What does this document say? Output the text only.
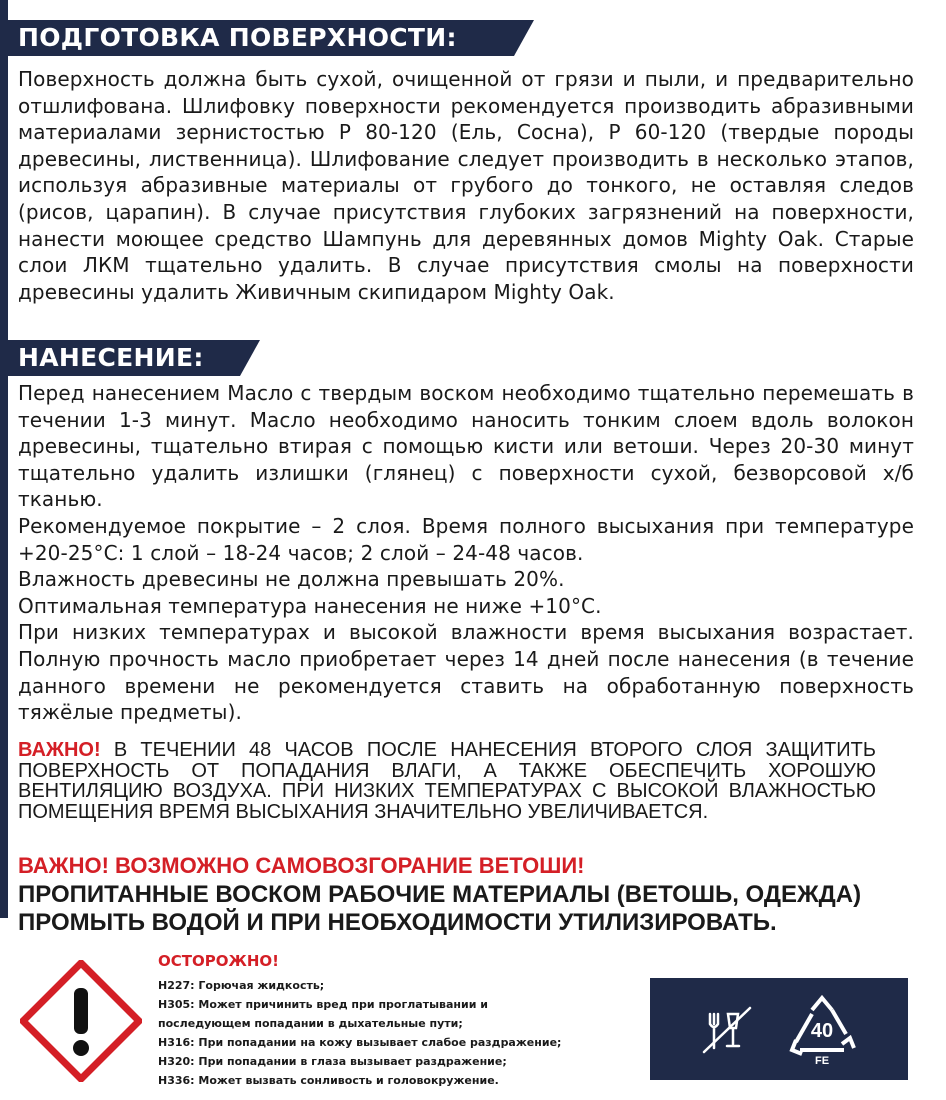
ПОДГОТОВКА ПОВЕРХНОСТИ:

Поверхность должна быть сухой, очищенной от грязи и пыли, и предварительно отшлифована. Шлифовку поверхности рекомендуется производить абразивными материалами зернистостью Р 80-120 (Ель, Сосна), Р 60-120 (твердые породы древесины, лиственница). Шлифование следует производить в несколько этапов, используя абразивные материалы от грубого до тонкого, не оставляя следов (рисов, царапин). В случае присутствия глубоких загрязнений на поверхности, нанести моющее средство Шампунь для деревянных домов Mighty Oak. Старые слои ЛКМ тщательно удалить. В случае присутствия смолы на поверхности древесины удалить Живичным скипидаром Mighty Oak.

НАНЕСЕНИЕ:

Перед нанесением Масло с твердым воском необходимо тщательно перемешать в течении 1-3 минут. Масло необходимо наносить тонким слоем вдоль волокон древесины, тщательно втирая с помощью кисти или ветоши. Через 20-30 минут тщательно удалить излишки (глянец) с поверхности сухой, безворсовой х/б тканью.

Рекомендуемое покрытие – 2 слоя. Время полного высыхания при температуре +20-25°С: 1 слой – 18-24 часов; 2 слой – 24-48 часов.

Влажность древесины не должна превышать 20%.

Оптимальная температура нанесения не ниже +10°С.

При низких температурах и высокой влажности время высыхания возрастает. Полную прочность масло приобретает через 14 дней после нанесения (в течение данного времени не рекомендуется ставить на обработанную поверхность тяжёлые предметы).

ВАЖНО! В ТЕЧЕНИИ 48 ЧАСОВ ПОСЛЕ НАНЕСЕНИЯ ВТОРОГО СЛОЯ ЗАЩИТИТЬ ПОВЕРХНОСТЬ ОТ ПОПАДАНИЯ ВЛАГИ, А ТАКЖЕ ОБЕСПЕЧИТЬ ХОРОШУЮ ВЕНТИЛЯЦИЮ ВОЗДУХА. ПРИ НИЗКИХ ТЕМПЕРАТУРАХ С ВЫСОКОЙ ВЛАЖНОСТЬЮ ПОМЕЩЕНИЯ ВРЕМЯ ВЫСЫХАНИЯ ЗНАЧИТЕЛЬНО УВЕЛИЧИВАЕТСЯ.
ВАЖНО! ВОЗМОЖНО САМОВОЗГОРАНИЕ ВЕТОШИ!
ПРОПИТАННЫЕ ВОСКОМ РАБОЧИЕ МАТЕРИАЛЫ (ВЕТОШЬ, ОДЕЖДА)
ПРОМЫТЬ ВОДОЙ И ПРИ НЕОБХОДИМОСТИ УТИЛИЗИРОВАТЬ.
ОСТОРОЖНО!
H227: Горючая жидкость;
H305: Может причинить вред при проглатывании и
последующем попадании в дыхательные пути;
H316: При попадании на кожу вызывает слабое раздражение;
H320: При попадании в глаза вызывает раздражение;
H336: Может вызвать сонливость и головокружение.
40
FE
